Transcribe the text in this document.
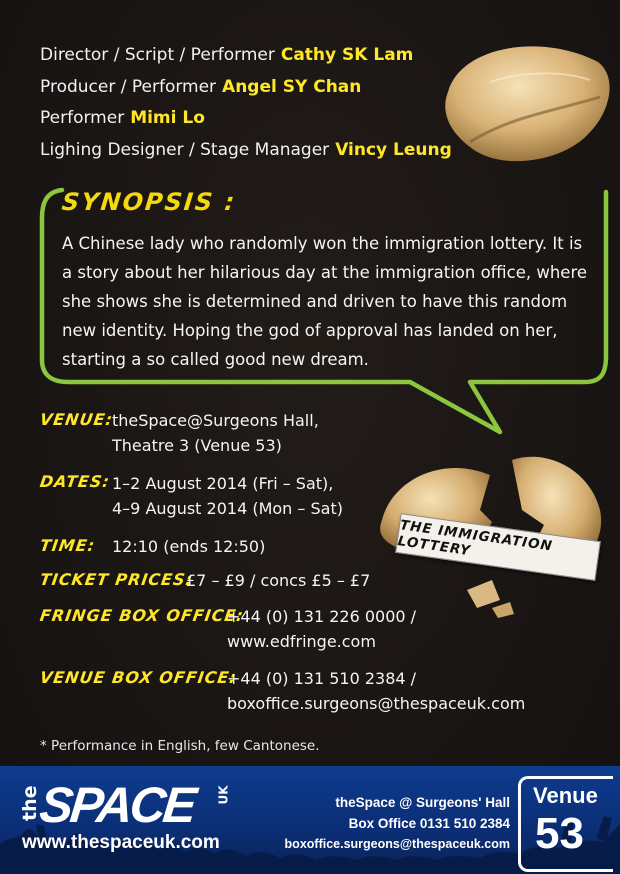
Director / Script / Performer Cathy SK Lam
Producer / Performer Angel SY Chan
Performer Mimi Lo
Lighing Designer / Stage Manager Vincy Leung
SYNOPSIS :
A Chinese lady who randomly won the immigration lottery. It is a story about her hilarious day at the immigration office, where she shows she is determined and driven to have this random new identity. Hoping the god of approval has landed on her, starting a so called good new dream.
THE IMMIGRATION LOTTERY
VENUE:
theSpace@Surgeons Hall,
Theatre 3 (Venue 53)
DATES: 1–2 August 2014 (Fri – Sat),
4–9 August 2014 (Mon – Sat)
TIME: 12:10 (ends 12:50)
TICKET PRICES:
£7 – £9 / concs £5 – £7
FRINGE BOX OFFICE:
+44 (0) 131 226 0000 /
www.edfringe.com
VENUE BOX OFFICE:
+44 (0) 131 510 2384 /
boxoffice.surgeons@thespaceuk.com
* Performance in English, few Cantonese.
the
SPACE UK
www.thespaceuk.com
theSpace @ Surgeons' Hall
Box Office 0131 510 2384
boxoffice.surgeons@thespaceuk.com
Venue
53
